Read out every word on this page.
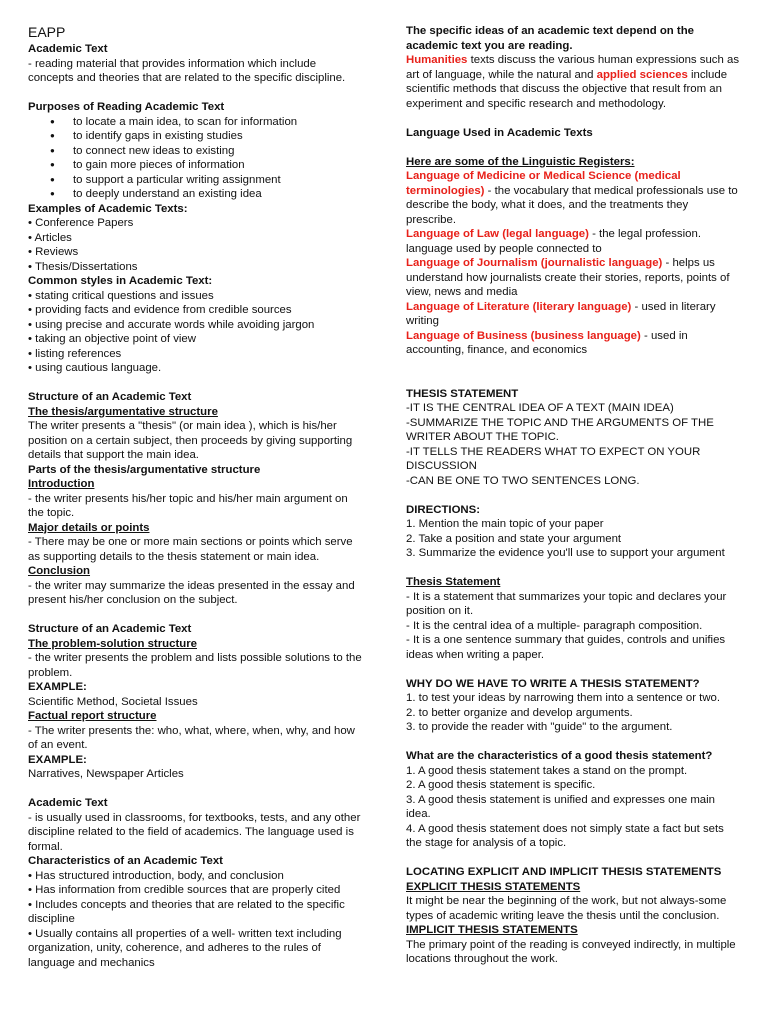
EAPP

Academic Text

- reading material that provides information which include concepts and theories that are related to the specific discipline.

Purposes of Reading Academic Text

● to locate a main idea, to scan for information
● to identify gaps in existing studies
● to connect new ideas to existing
● to gain more pieces of information
● to support a particular writing assignment
● to deeply understand an existing idea

Examples of Academic Texts:

• Conference Papers

• Articles

• Reviews

• Thesis/Dissertations

Common styles in Academic Text:

• stating critical questions and issues

• providing facts and evidence from credible sources

• using precise and accurate words while avoiding jargon

• taking an objective point of view

• listing references

• using cautious language.

Structure of an Academic Text

The thesis/argumentative structure

The writer presents a "thesis" (or main idea ), which is his/her position on a certain subject, then proceeds by giving supporting details that support the main idea.

Parts of the thesis/argumentative structure

Introduction

- the writer presents his/her topic and his/her main argument on the topic.

Major details or points

- There may be one or more main sections or points which serve as supporting details to the thesis statement or main idea.

Conclusion

- the writer may summarize the ideas presented in the essay and present his/her conclusion on the subject.

Structure of an Academic Text

The problem-solution structure

- the writer presents the problem and lists possible solutions to the problem.

EXAMPLE:

Scientific Method, Societal Issues

Factual report structure

- The writer presents the: who, what, where, when, why, and how of an event.

EXAMPLE:

Narratives, Newspaper Articles

Academic Text

- is usually used in classrooms, for textbooks, tests, and any other discipline related to the field of academics. The language used is formal.

Characteristics of an Academic Text

• Has structured introduction, body, and conclusion

• Has information from credible sources that are properly cited

• Includes concepts and theories that are related to the specific discipline

• Usually contains all properties of a well- written text including organization, unity, coherence, and adheres to the rules of language and mechanics

The specific ideas of an academic text depend on the academic text you are reading.

Humanities texts discuss the various human expressions such as art of language, while the natural and applied sciences include scientific methods that discuss the objective that result from an experiment and specific research and methodology.

Language Used in Academic Texts

Here are some of the Linguistic Registers:

Language of Medicine or Medical Science (medical terminologies) - the vocabulary that medical professionals use to describe the body, what it does, and the treatments they prescribe.

Language of Law (legal language) - the legal profession. language used by people connected to

Language of Journalism (journalistic language) - helps us understand how journalists create their stories, reports, points of view, news and media

Language of Literature (literary language) - used in literary writing

Language of Business (business language) - used in accounting, finance, and economics

THESIS STATEMENT

-IT IS THE CENTRAL IDEA OF A TEXT (MAIN IDEA)

-SUMMARIZE THE TOPIC AND THE ARGUMENTS OF THE WRITER ABOUT THE TOPIC.

-IT TELLS THE READERS WHAT TO EXPECT ON YOUR DISCUSSION

-CAN BE ONE TO TWO SENTENCES LONG.

DIRECTIONS:

1. Mention the main topic of your paper

2. Take a position and state your argument

3. Summarize the evidence you'll use to support your argument

Thesis Statement

- It is a statement that summarizes your topic and declares your position on it.

- It is the central idea of a multiple- paragraph composition.

- It is a one sentence summary that guides, controls and unifies ideas when writing a paper.

WHY DO WE HAVE TO WRITE A THESIS STATEMENT?

1. to test your ideas by narrowing them into a sentence or two.

2. to better organize and develop arguments.

3. to provide the reader with "guide" to the argument.

What are the characteristics of a good thesis statement?

1. A good thesis statement takes a stand on the prompt.

2. A good thesis statement is specific.

3. A good thesis statement is unified and expresses one main idea.

4. A good thesis statement does not simply state a fact but sets the stage for analysis of a topic.

LOCATING EXPLICIT AND IMPLICIT THESIS STATEMENTS

EXPLICIT THESIS STATEMENTS

It might be near the beginning of the work, but not always-some types of academic writing leave the thesis until the conclusion.

IMPLICIT THESIS STATEMENTS

The primary point of the reading is conveyed indirectly, in multiple locations throughout the work.
